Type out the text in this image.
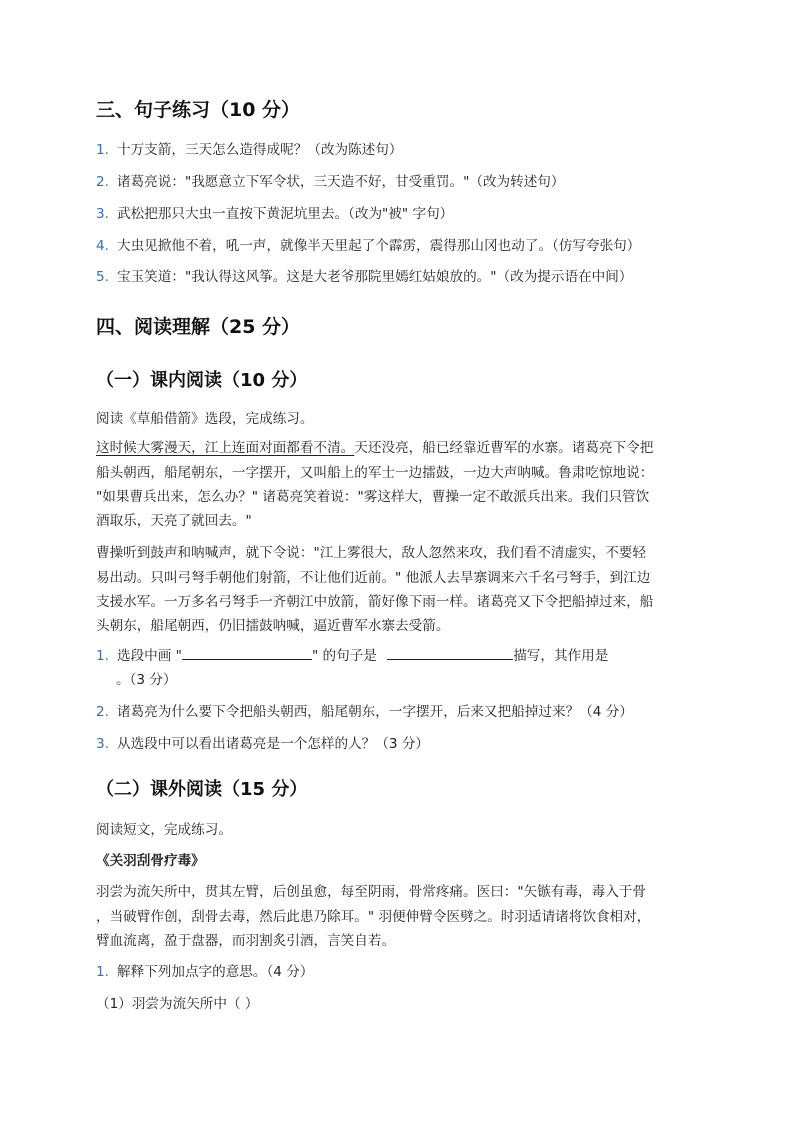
三、句子练习（10 分）
1. 十万支箭，三天怎么造得成呢？（改为陈述句）
2. 诸葛亮说："我愿意立下军令状，三天造不好，甘受重罚。"（改为转述句）
3. 武松把那只大虫一直按下黄泥坑里去。（改为"被" 字句）
4. 大虫见掀他不着，吼一声，就像半天里起了个霹雳，震得那山冈也动了。（仿写夸张句）
5. 宝玉笑道："我认得这风筝。这是大老爷那院里嫣红姑娘放的。"（改为提示语在中间）
四、阅读理解（25 分）
（一）课内阅读（10 分）
阅读《草船借箭》选段，完成练习。
这时候大雾漫天，江上连面对面都看不清。天还没亮，船已经靠近曹军的水寨。诸葛亮下令把
船头朝西，船尾朝东，一字摆开，又叫船上的军士一边擂鼓，一边大声呐喊。鲁肃吃惊地说：
"如果曹兵出来，怎么办？" 诸葛亮笑着说："雾这样大，曹操一定不敢派兵出来。我们只管饮
酒取乐，天亮了就回去。"
曹操听到鼓声和呐喊声，就下令说："江上雾很大，敌人忽然来攻，我们看不清虚实，不要轻
易出动。只叫弓弩手朝他们射箭，不让他们近前。" 他派人去旱寨调来六千名弓弩手，到江边
支援水军。一万多名弓弩手一齐朝江中放箭，箭好像下雨一样。诸葛亮又下令把船掉过来，船
头朝东，船尾朝西，仍旧擂鼓呐喊，逼近曹军水寨去受箭。
1. 选段中画 "	" 的句子是	描写，其作用是
。（3 分）
2. 诸葛亮为什么要下令把船头朝西，船尾朝东，一字摆开，后来又把船掉过来？（4 分）
3. 从选段中可以看出诸葛亮是一个怎样的人？（3 分）
（二）课外阅读（15 分）
阅读短文，完成练习。
《关羽刮骨疗毒》
羽尝为流矢所中，贯其左臂，后创虽愈，每至阴雨，骨常疼痛。医曰："矢镞有毒，毒入于骨
，当破臂作创，刮骨去毒，然后此患乃除耳。" 羽便伸臂令医劈之。时羽适请诸将饮食相对，
臂血流离，盈于盘器，而羽割炙引酒，言笑自若。
1. 解释下列加点字的意思。（4 分）
（1）羽尝为流矢所中（ ）
